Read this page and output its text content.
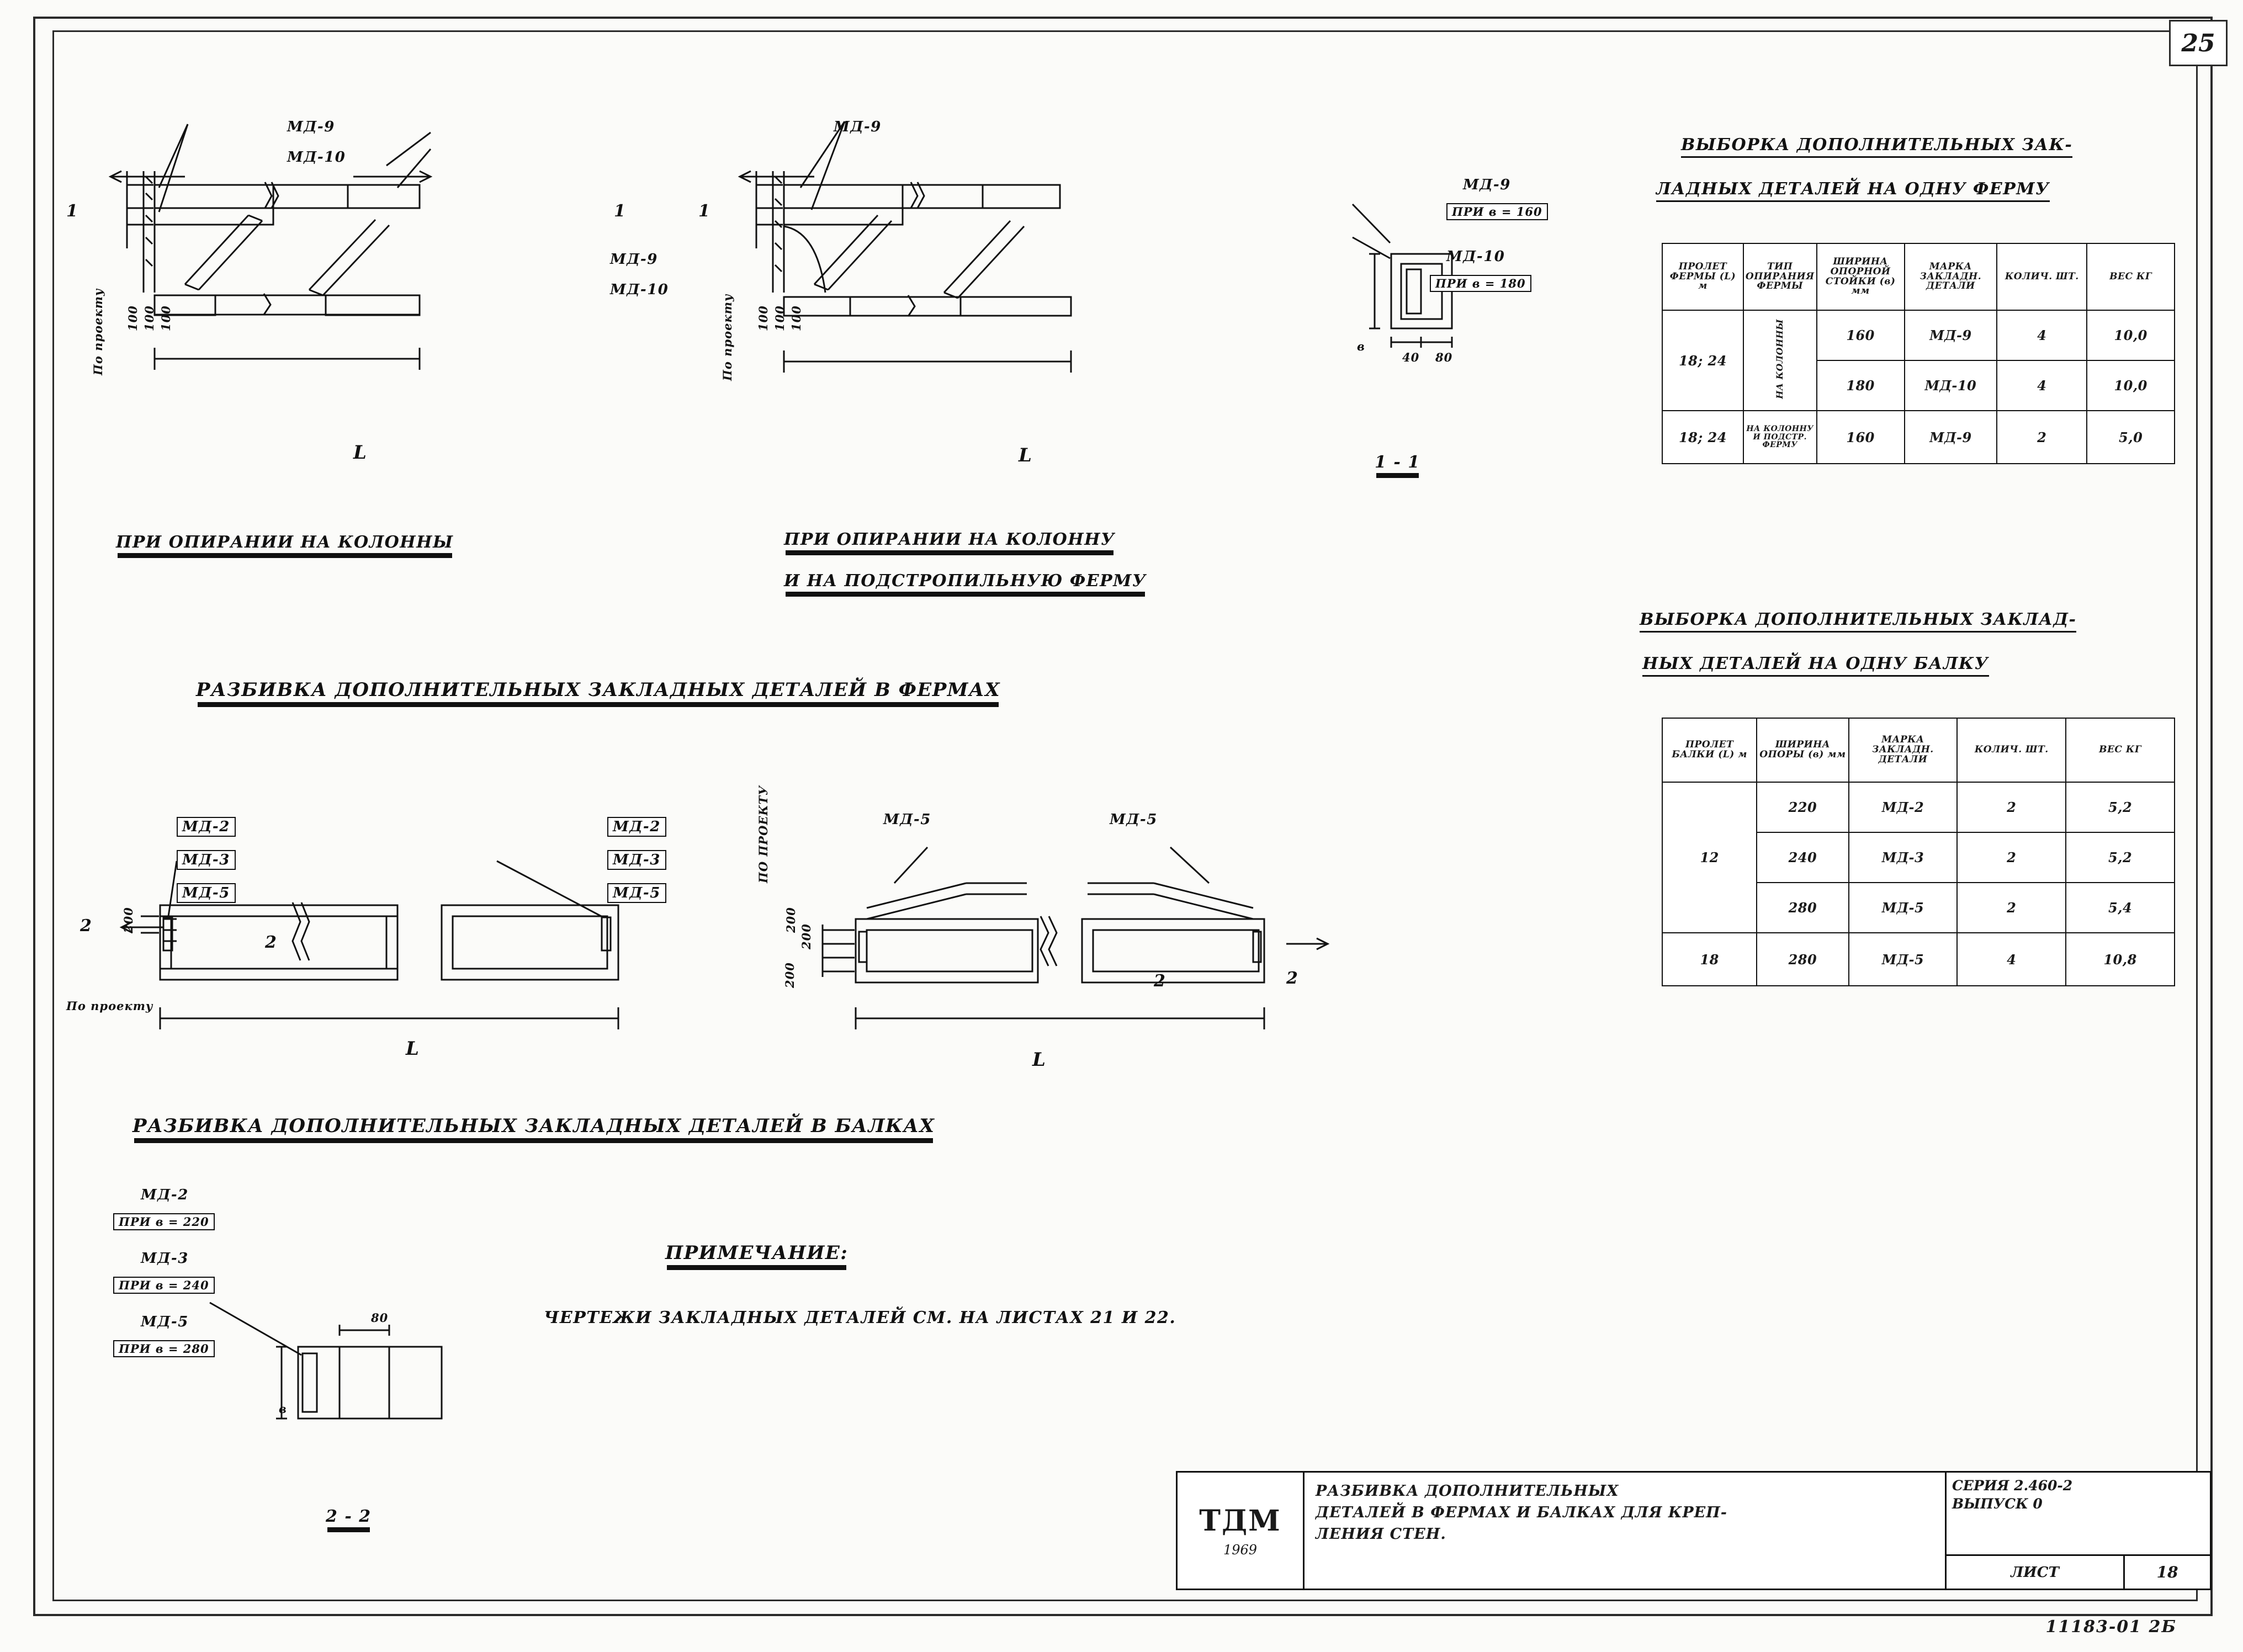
25
МД-9
МД-10
МД-9
МД-10
1	1
L
По проекту 100 100 100
ПРИ ОПИРАНИИ НА КОЛОННЫ
МД-9
1
L
По проекту 100 100 100
ПРИ ОПИРАНИИ НА КОЛОННУ
И НА ПОДСТРОПИЛЬНУЮ ФЕРМУ
МД-9
ПРИ в = 160
МД-10
ПРИ в = 180
в
40 80
1 - 1
РАЗБИВКА ДОПОЛНИТЕЛЬНЫХ ЗАКЛАДНЫХ ДЕТАЛЕЙ В ФЕРМАХ
МД-2
МД-3
МД-5
МД-2
МД-3
МД-5
2
2
200
По проекту
L
МД-5	МД-5
2	2
ПО ПРОЕКТУ
200
200
200
L
РАЗБИВКА ДОПОЛНИТЕЛЬНЫХ ЗАКЛАДНЫХ ДЕТАЛЕЙ В БАЛКАХ
МД-2
ПРИ в = 220
МД-3
ПРИ в = 240
МД-5
ПРИ в = 280
80
в
2 - 2
ПРИМЕЧАНИЕ:
ЧЕРТЕЖИ ЗАКЛАДНЫХ ДЕТАЛЕЙ СМ. НА ЛИСТАХ 21 И 22.
ВЫБОРКА ДОПОЛНИТЕЛЬНЫХ ЗАК-
ЛАДНЫХ ДЕТАЛЕЙ НА ОДНУ ФЕРМУ
ПРОЛЕТ ФЕРМЫ (L) м	ТИП ОПИРАНИЯ ФЕРМЫ	ШИРИНА ОПОРНОЙ СТОЙКИ (в) мм	МАРКА ЗАКЛАДН. ДЕТАЛИ	КОЛИЧ. ШТ.	ВЕС КГ
18; 24	НА КОЛОННЫ	160	МД-9	4	10,0
		180	МД-10	4	10,0
18; 24	НА КОЛОННУ И ПОДСТР. ФЕРМУ	160	МД-9	2	5,0
ВЫБОРКА ДОПОЛНИТЕЛЬНЫХ ЗАКЛАД-
НЫХ ДЕТАЛЕЙ НА ОДНУ БАЛКУ
ПРОЛЕТ БАЛКИ (L) м	ШИРИНА ОПОРЫ (в) мм	МАРКА ЗАКЛАДН. ДЕТАЛИ	КОЛИЧ. ШТ.	ВЕС КГ
12	220	МД-2	2	5,2
	240	МД-3	2	5,2
	280	МД-5	2	5,4
18	280	МД-5	4	10,8
ТДМ
1969
РАЗБИВКА ДОПОЛНИТЕЛЬНЫХ
ДЕТАЛЕЙ В ФЕРМАХ И БАЛКАХ ДЛЯ КРЕП-
ЛЕНИЯ СТЕН.
СЕРИЯ 2.460-2
ВЫПУСК 0
ЛИСТ	18
11183-01 2Б
